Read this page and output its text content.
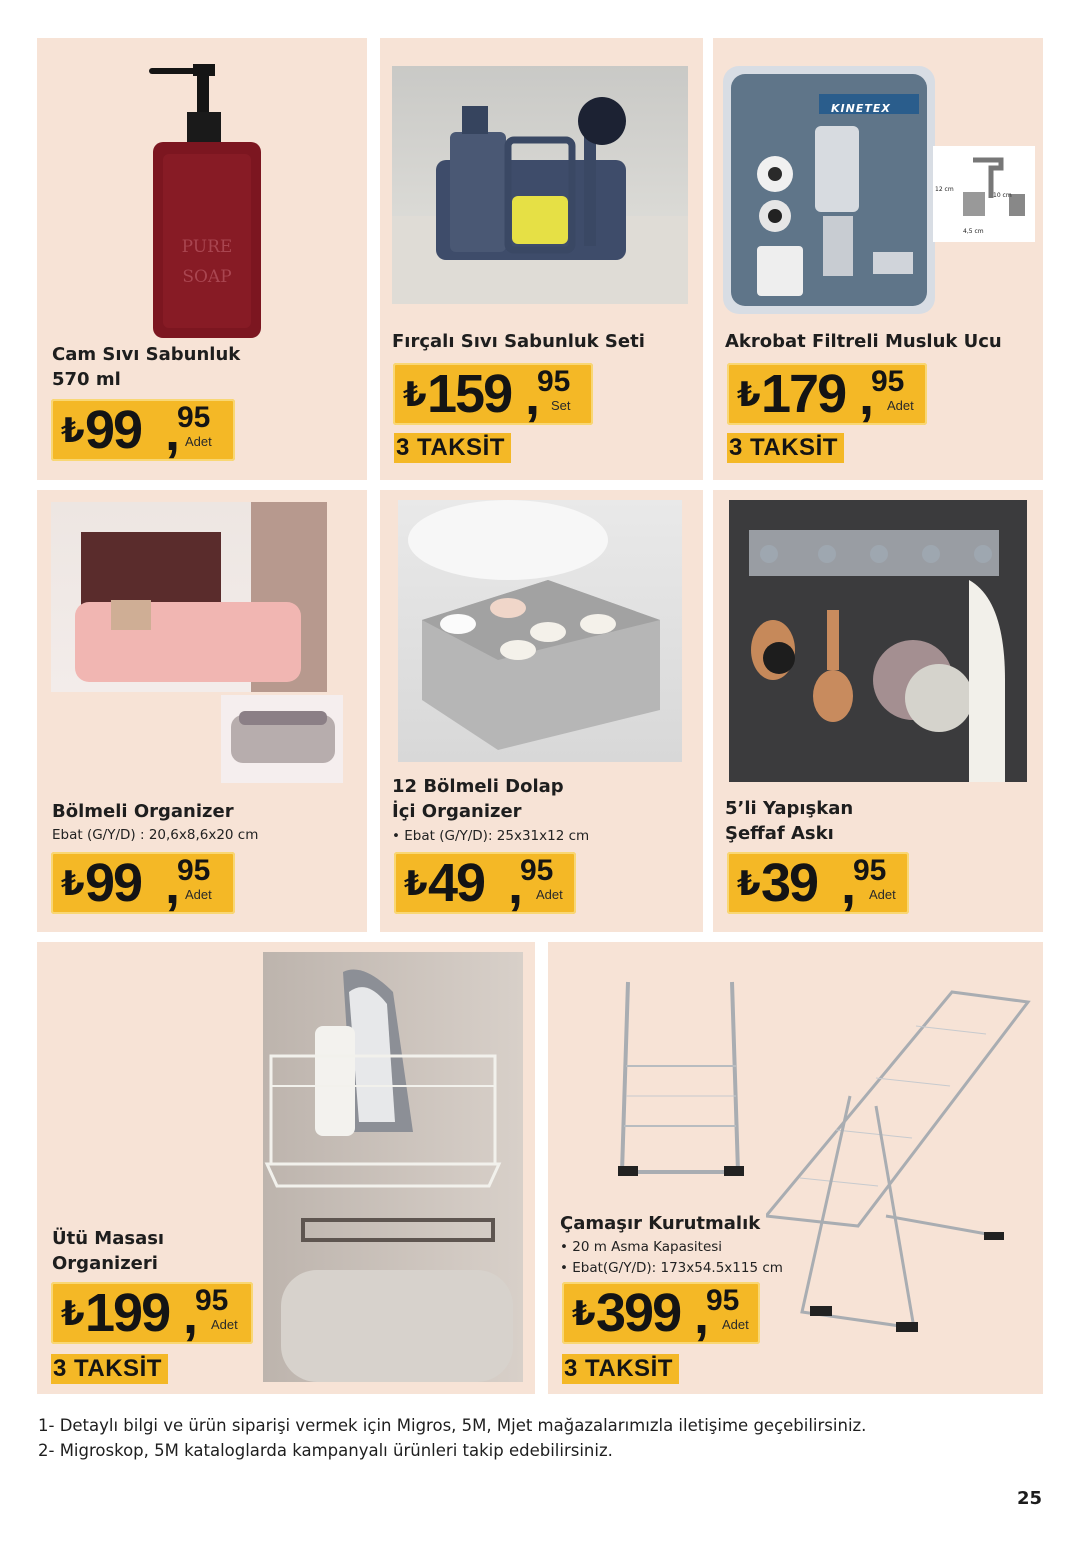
PURE
SOAP
Cam Sıvı Sabunluk
570 ml
₺ 99 ,
95
Adet
Fırçalı Sıvı Sabunluk Seti
₺ 159 ,
95
Set
3 TAKSİT
KINETEX
12 cm
10 cm
4,5 cm
Akrobat Filtreli Musluk Ucu
₺ 179 ,
95
Adet
3 TAKSİT
Bölmeli Organizer
Ebat (G/Y/D) : 20,6x8,6x20 cm
₺ 99 ,
95
Adet
12 Bölmeli Dolap
İçi Organizer
• Ebat (G/Y/D): 25x31x12 cm
₺ 49 ,
95
Adet
5’li Yapışkan
Şeffaf Askı
₺ 39 ,
95
Adet
Ütü Masası
Organizeri
₺ 199 ,
95
Adet
3 TAKSİT
Çamaşır Kurutmalık
• 20 m Asma Kapasitesi
• Ebat(G/Y/D): 173x54.5x115 cm
₺ 399 ,
95
Adet
3 TAKSİT
1- Detaylı bilgi ve ürün siparişi vermek için Migros, 5M, Mjet mağazalarımızla iletişime geçebilirsiniz.
2- Migroskop, 5M kataloglarda kampanyalı ürünleri takip edebilirsiniz.
25
